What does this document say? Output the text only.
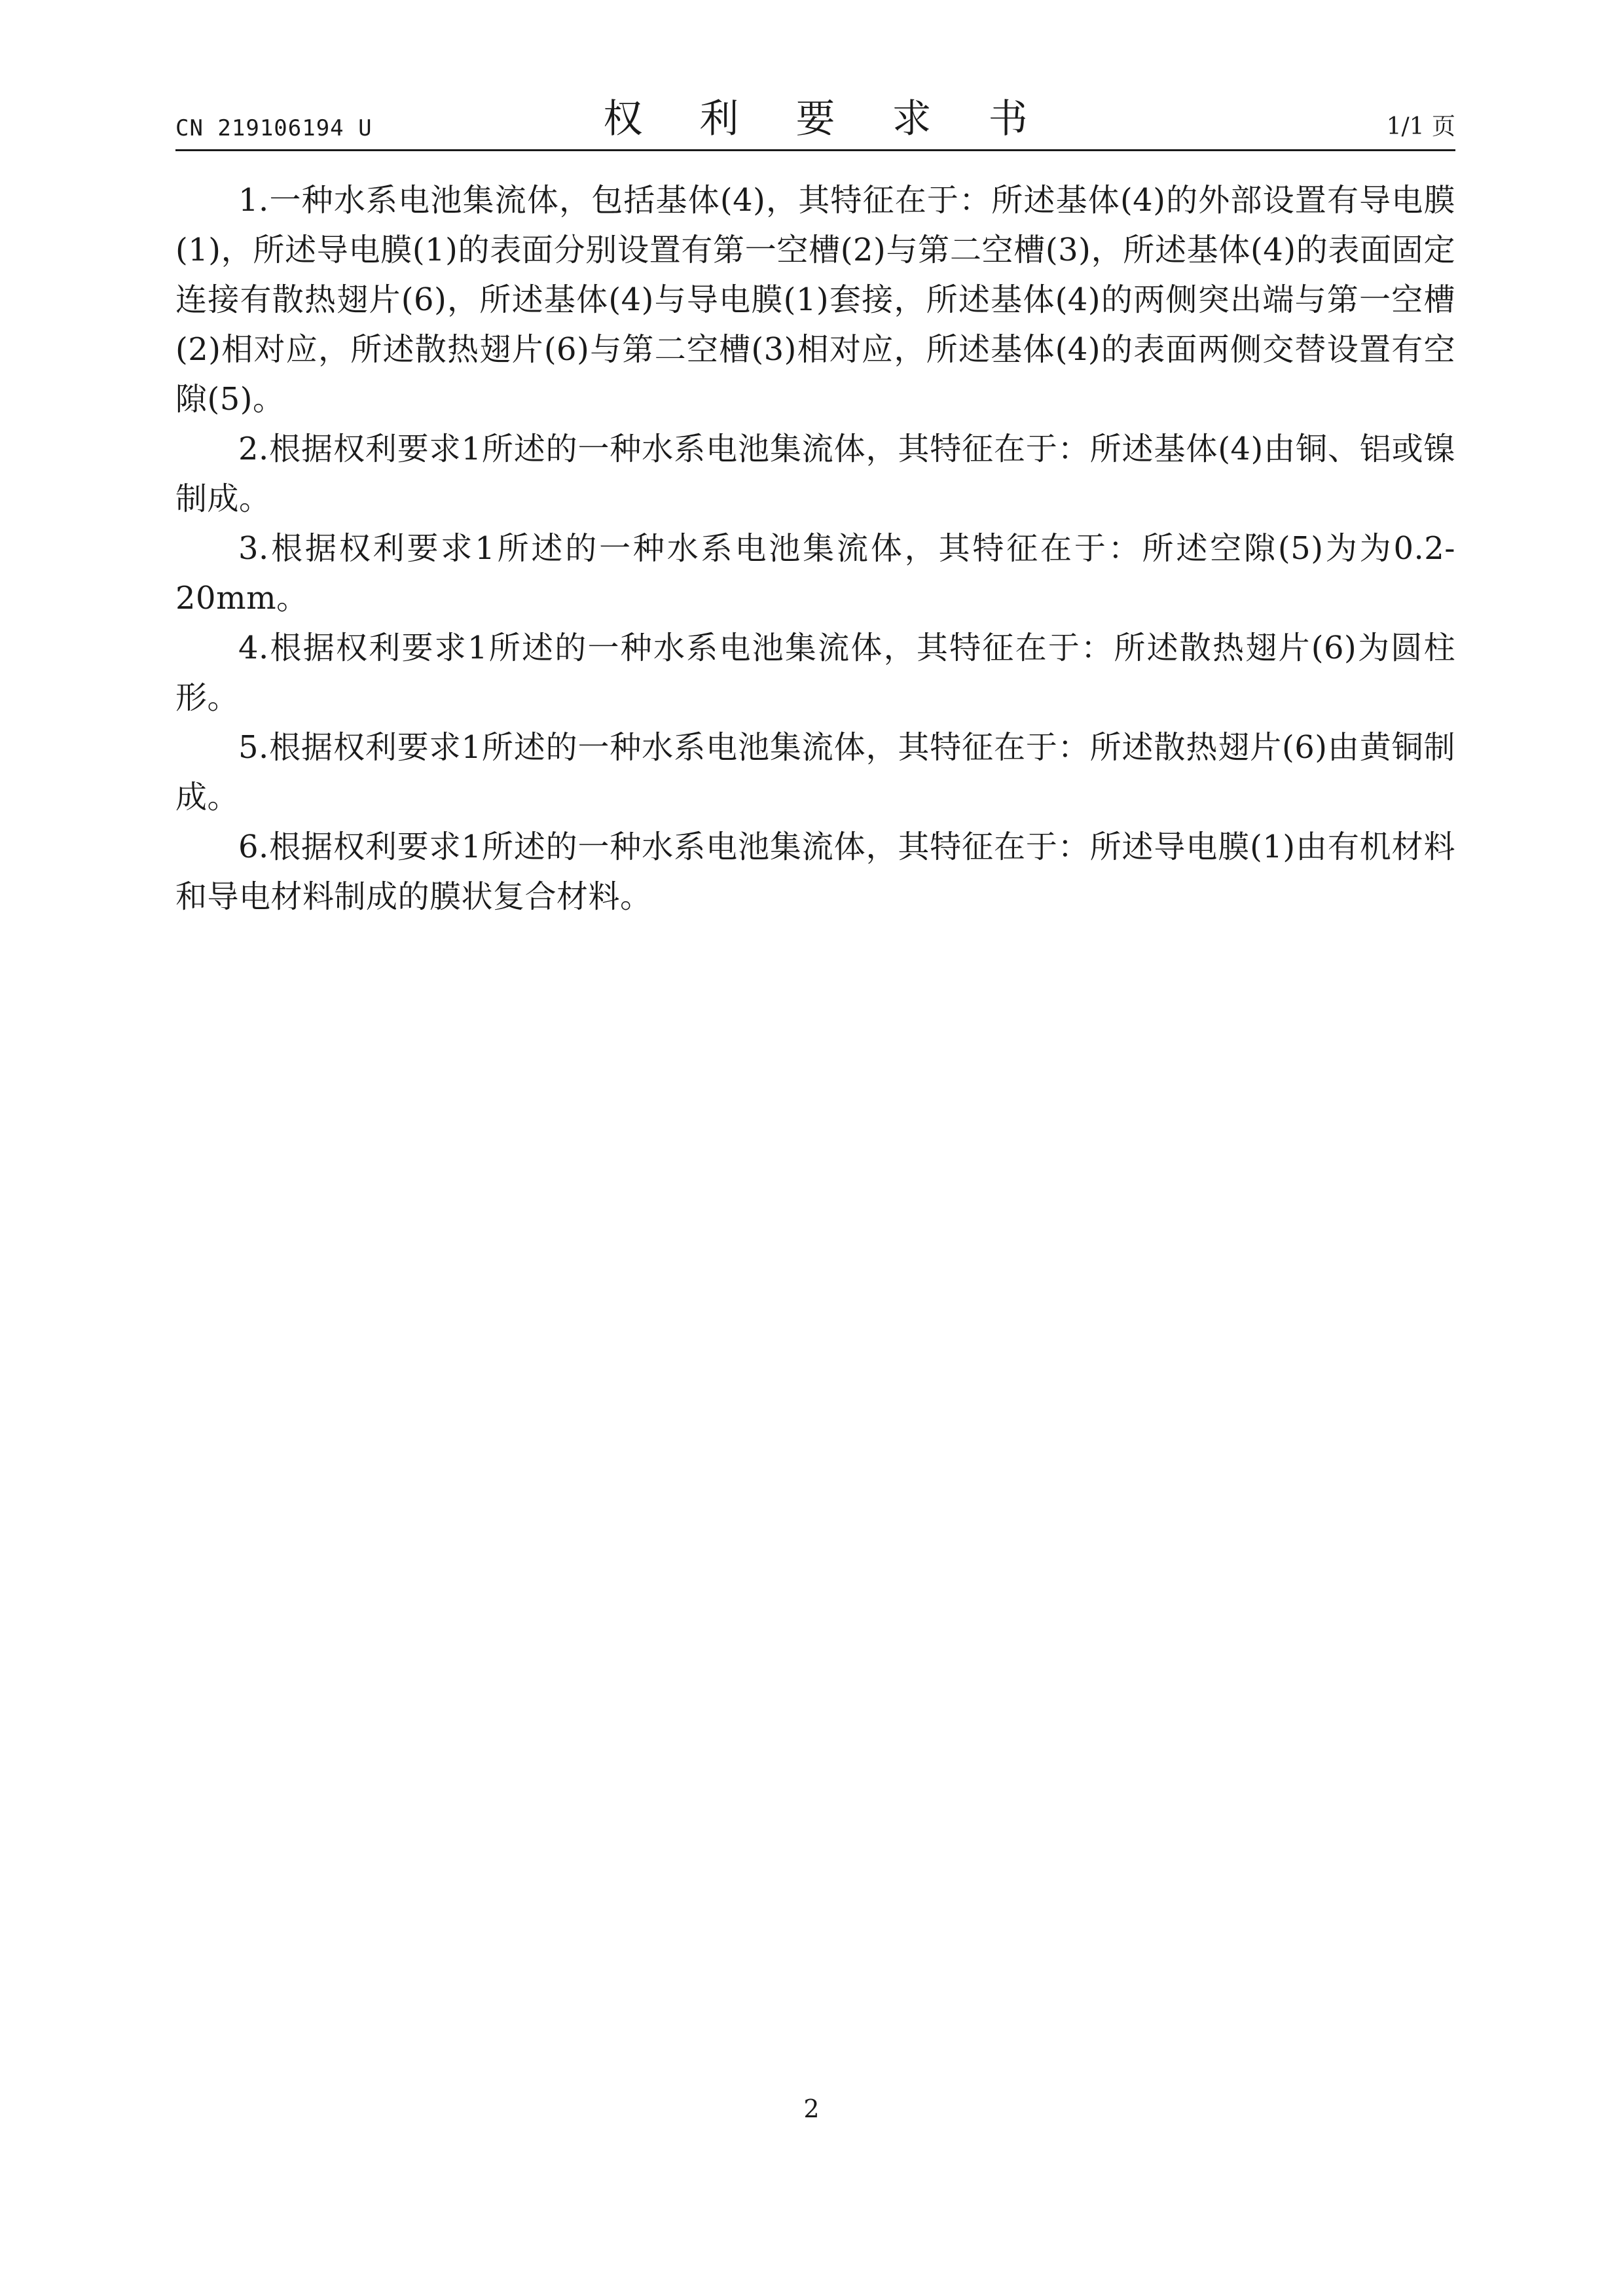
CN 219106194 U	权 利 要 求 书	1/1 页

1.一种水系电池集流体，包括基体(4)，其特征在于：所述基体(4)的外部设置有导电膜(1)，所述导电膜(1)的表面分别设置有第一空槽(2)与第二空槽(3)，所述基体(4)的表面固定连接有散热翅片(6)，所述基体(4)与导电膜(1)套接，所述基体(4)的两侧突出端与第一空槽(2)相对应，所述散热翅片(6)与第二空槽(3)相对应，所述基体(4)的表面两侧交替设置有空隙(5)。

2.根据权利要求1所述的一种水系电池集流体，其特征在于：所述基体(4)由铜、铝或镍制成。

3.根据权利要求1所述的一种水系电池集流体，其特征在于：所述空隙(5)为为0.2-20mm。

4.根据权利要求1所述的一种水系电池集流体，其特征在于：所述散热翅片(6)为圆柱形。

5.根据权利要求1所述的一种水系电池集流体，其特征在于：所述散热翅片(6)由黄铜制成。

6.根据权利要求1所述的一种水系电池集流体，其特征在于：所述导电膜(1)由有机材料和导电材料制成的膜状复合材料。

2
